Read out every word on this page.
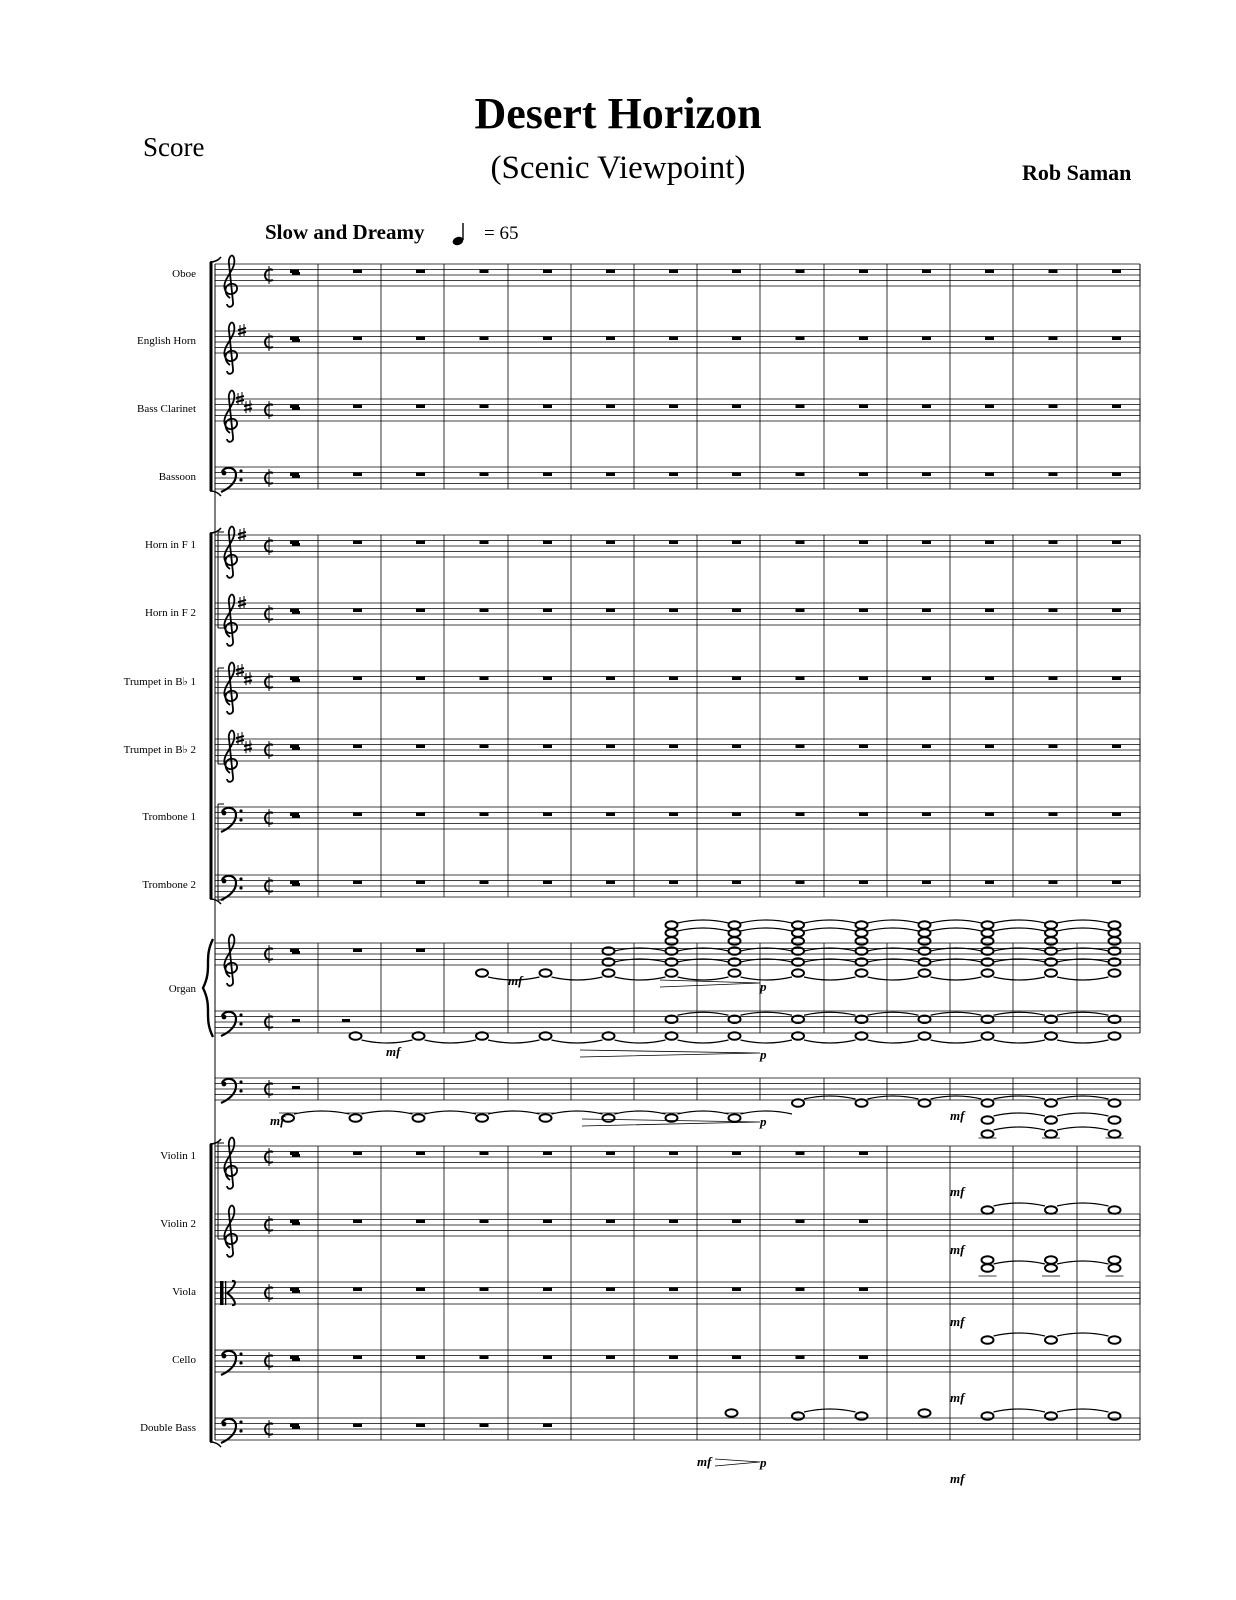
Score
Desert Horizon
(Scenic Viewpoint)	Rob Saman
Slow and Dreamy	= 65
Oboe
English Horn
Bass Clarinet
Bassoon
Horn in F 1
Horn in F 2
Trumpet in B♭ 1
Trumpet in B♭ 2
Trombone 1
Trombone 2
Organ
Violin 1
Violin 2
Viola
Cello
Double Bass
mf	p
mf	p
mf	p	mf
mf
mf
mf
mf
mf
mf	p
